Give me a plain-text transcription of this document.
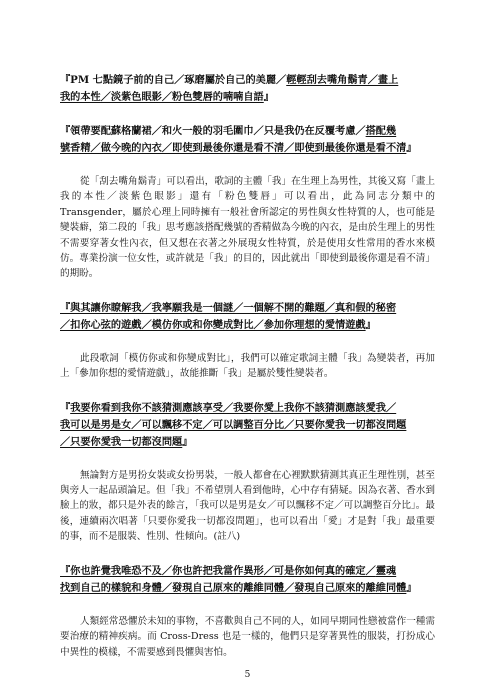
『PM 七點鏡子前的自己／琢磨屬於自己的美麗／輕輕刮去嘴角鬍青／畫上
我的本性／淡紫色眼影／粉色雙唇的喃喃自語』
『領帶要配蘇格蘭裙／和火一般的羽毛圍巾／只是我仍在反覆考慮／搭配幾
號香精／做今晚的內衣／即使到最後你還是看不清／即使到最後你還是看不清』

從「刮去嘴角鬍青」可以看出，歌詞的主體「我」在生理上為男性，其後又寫「畫上我的本性／淡紫色眼影」還有「粉色雙唇」可以看出，此為同志分類中的 Transgender，屬於心理上同時擁有一般社會所認定的男性與女性特質的人，也可能是變裝癖，第二段的「我」思考應該搭配幾號的香精做為今晚的內衣，是由於生理上的男性不需要穿著女性內衣，但又想在衣著之外展現女性特質，於是使用女性常用的香水來模仿。專業扮演一位女性，或許就是「我」的目的，因此就出「即使到最後你還是看不清」的期盼。

『與其讓你瞭解我／我寧願我是一個謎／一個解不開的難題／真和假的秘密
／扣你心弦的遊戲／模仿你或和你變成對比／參加你理想的愛情遊戲』

此段歌詞「模仿你或和你變成對比」，我們可以確定歌詞主體「我」為變裝者，再加上「參加你想的愛情遊戲」，故能推斷「我」是屬於雙性變裝者。

『我要你看到我你不該猜測應該享受／我要你愛上我你不該猜測應該愛我／
我可以是男是女／可以飄移不定／可以調整百分比／只要你愛我一切都沒問題
／只要你愛我一切都沒問題』

無論對方是男扮女裝或女扮男裝，一般人都會在心裡默默猜測其真正生理性別，甚至與旁人一起品頭論足。但「我」不希望別人看到他時，心中存有猜疑。因為衣著、香水到臉上的妝，都只是外表的餘言，「我可以是男是女／可以飄移不定／可以調整百分比」。最後，連續兩次唱著「只要你愛我一切都沒問題」，也可以看出「愛」才是對「我」最重要的事，而不是服裝、性別、性傾向。(註八)

『你也許覺我唯恐不及／你也許把我當作異形／可是你如何真的確定／靈魂
找到自己的樣貌和身體／發現自己原來的離維同體／發現自己原來的離維同體』

人類經常恐懼於未知的事物，不喜歡與自己不同的人，如同早期同性戀被當作一種需要治療的精神疾病。而 Cross-Dress 也是一樣的，他們只是穿著異性的服裝，打扮成心中異性的模樣，不需要感到畏懼與害怕。

5
